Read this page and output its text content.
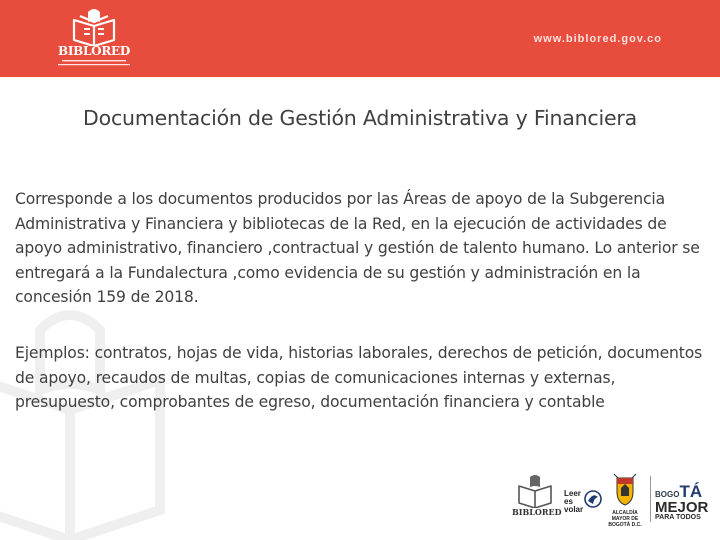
BIBLORED
www.biblored.gov.co
Documentación de Gestión Administrativa y Financiera
Corresponde a los documentos producidos por las Áreas de apoyo de la Subgerencia Administrativa y Financiera y bibliotecas de la Red, en la ejecución de actividades de apoyo administrativo, financiero ,contractual y gestión de talento humano. Lo anterior se entregará a la Fundalectura ,como evidencia de su gestión y administración en la concesión 159 de 2018.
Ejemplos: contratos, hojas de vida, historias laborales, derechos de petición, documentos de apoyo, recaudos de multas, copias de comunicaciones internas y externas, presupuesto, comprobantes de egreso, documentación financiera y contable
BIBLORED
Leer
es
volar	ALCALDÍA MAYOR DE BOGOTÁ D.C.
BOGOTÁ
MEJOR
PARA TODOS
